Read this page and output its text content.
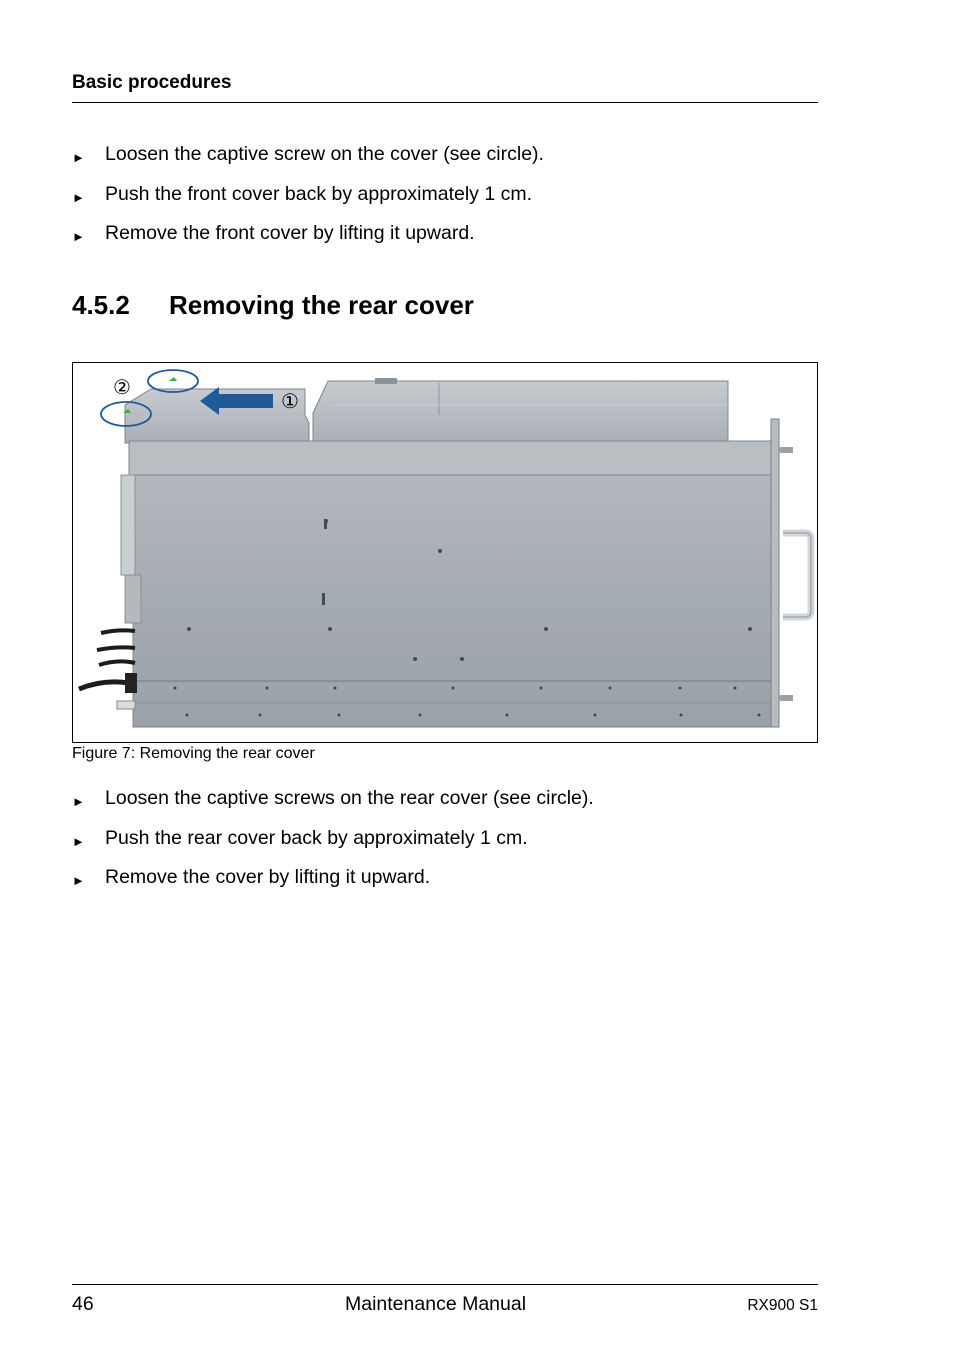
Basic procedures
► Loosen the captive screw on the cover (see circle).
► Push the front cover back by approximately 1 cm.
► Remove the front cover by lifting it upward.
4.5.2 Removing the rear cover
②
①
Figure 7: Removing the rear cover
► Loosen the captive screws on the rear cover (see circle).
► Push the rear cover back by approximately 1 cm.
► Remove the cover by lifting it upward.
46	Maintenance Manual	RX900 S1
